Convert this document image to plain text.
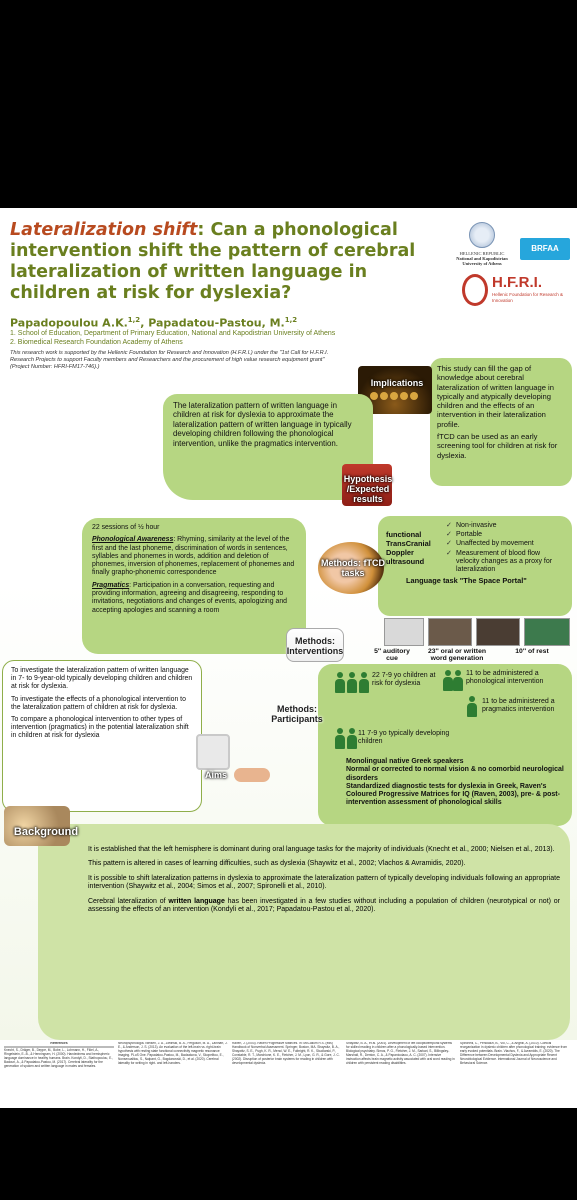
Lateralization shift: Can a phonological intervention shift the pattern of cerebral lateralization of written language in children at risk for dyslexia?
Papadopoulou A.K.$^{1,2}$, Papadatou-Pastou, M.$^{1,2}$
1. School of Education, Department of Primary Education, National and Kapodistrian University of Athens
2. Biomedical Research Foundation Academy of Athens
This research work is supported by the Hellenic Foundation for Research and Innovation (H.F.R.I.) under the "1st Call for H.F.R.I. Research Projects to support Faculty members and Researchers and the procurement of high value research equipment grant" (Project Number: HFRI-FM17-746).)
HELLENIC REPUBLIC
National and Kapodistrian
University of Athens
BRFAA
H.F.R.I.
Hellenic Foundation for Research & Innovation

This study can fill the gap of knowledge about cerebral lateralization of written language in typically and atypically developing children and the effects of an intervention in their lateralization profile.

fTCD can be used as an early screening tool for children at risk for dyslexia.

Implications
The lateralization pattern of written language in children at risk for dyslexia to approximate the lateralization pattern of written language in typically developing children following the phonological intervention, unlike the pragmatics intervention.
Hypothesis /Expected results

22 sessions of ½ hour

Phonological Awareness: Rhyming, similarity at the level of the first and the last phoneme, discrimination of words in sentences, syllables and phonemes in words, addition and deletion of phonemes, inversion of phonemes, replacement of phonemes and finally grapho-phonemic correspondence

Pragmatics: Participation in a conversation, requesting and providing information, agreeing and disagreeing, responding to invitations, negotiations and changes of events, apologizing and accepting apologies and scanning a room

Methods: Interventions
functional TransCranial Doppler ultrasound
✓ Non-invasive
✓ Portable
✓ Unaffected by movement
✓ Measurement of blood flow velocity changes as a proxy for lateralization
Language task "The Space Portal"
Methods: fTCD tasks
5'' auditory cue
23'' oral or written word generation
10'' of rest

To investigate the lateralization pattern of written language in 7- to 9-year-old typically developing children and children at risk for dyslexia.

To investigate the effects of a phonological intervention to the lateralization pattern of children at risk for dyslexia.

To compare a phonological intervention to other types of intervention (pragmatics) in the potential lateralization shift in children at risk for dyslexia

Aims
22 7-9 yo children at risk for dyslexia
11 to be administered a phonological intervention
11 to be administered a pragmatics intervention
11 7-9 yo typically developing children
Monolingual native Greek speakers
Normal or corrected to normal vision & no comorbid neurological disorders
Standardized diagnostic tests for dyslexia in Greek, Raven's Coloured Progressive Matrices for IQ (Raven, 2003), pre- & post-intervention assessment of phonological skills
Methods: Participants

It is established that the left hemisphere is dominant during oral language tasks for the majority of individuals (Knecht et al., 2000; Nielsen et al., 2013).

This pattern is altered in cases of learning difficulties, such as dyslexia (Shaywitz et al., 2002; Vlachos & Avramidis, 2020).

It is possible to shift lateralization patterns in dyslexia to approximate the lateralization pattern of typically developing individuals following an appropriate intervention (Shaywitz et al., 2004; Simos et al., 2007; Spironelli et al., 2010).

Cerebral lateralization of written language has been investigated in a few studies without including a population of children (neurotypical or not) or assessing the effects of an intervention (Kondyli et al., 2017; Papadatou-Pastou et al., 2020).

Background
References
Knecht, S., Dräger, B., Deppe, M., Bobe, L., Lohmann, H., Flöel, A., Ringelstein, E.-B., & Henningsen, H. (2000). Handedness and hemispheric language dominance in healthy humans. Brain. Kondyli, D., Stathopoulou, E., Badouri, A., & Papadatou-Pastou, M. (2017). Cerebral laterality for the generation of spoken and written language in males and females.
Neuropsychologia. Nielsen, J. A., Zielinski, B. A., Ferguson, M. A., Lainhart, J. E., & Anderson, J. S. (2013). An evaluation of the left-brain vs. right-brain hypothesis with resting state functional connectivity magnetic resonance imaging. PLoS One. Papadatou-Pastou, M., Badzakova, V., Skopelitou, E., Nonsexualitou, S., Nalpant, G., Bogdanovski, D., et al. (2020). Cerebral laterality for writing in right- and left-handers.
Raven, J. (2003). Raven Progressive Matrices. In: McCallum R.S. (eds) Handbook of Nonverbal Assessment. Springer, Boston, MA. Shaywitz, B. A., Shaywitz, S. E., Pugh, K. R., Mencl, W. E., Fulbright, R. K., Skudlarski, P., Constable, R. T., Marchione, K. E., Fletcher, J. M., Lyon, G. R., & Gore, J. C. (2002). Disruption of posterior brain systems for reading in children with developmental dyslexia.
Shaywitz, B. A., et al. (2004). Development of left occipitotemporal systems for skilled reading in children after a phonologically-based intervention. Biological psychiatry. Simos, P. G., Fletcher, J. M., Sarkari, S., Billingsley-Marshall, R., Denton, C. A., & Papanicolaou, A. C. (2007). Intensive instruction affects brain magnetic activity associated with oral word reading in children with persistent reading disabilities.
Spironelli, C., Penolazzi, B., Vio, C., & Angrilli, A. (2010). Cortical reorganization in dyslexic children after phonological training: evidence from early evoked potentials. Brain. Vlachos, F., & Avramidis, E. (2020). The Difference between Developmental Dyslexia and Appropriate Recent Neurobiological Evidence. International Journal of Neuroscience and Behavioral Science.
